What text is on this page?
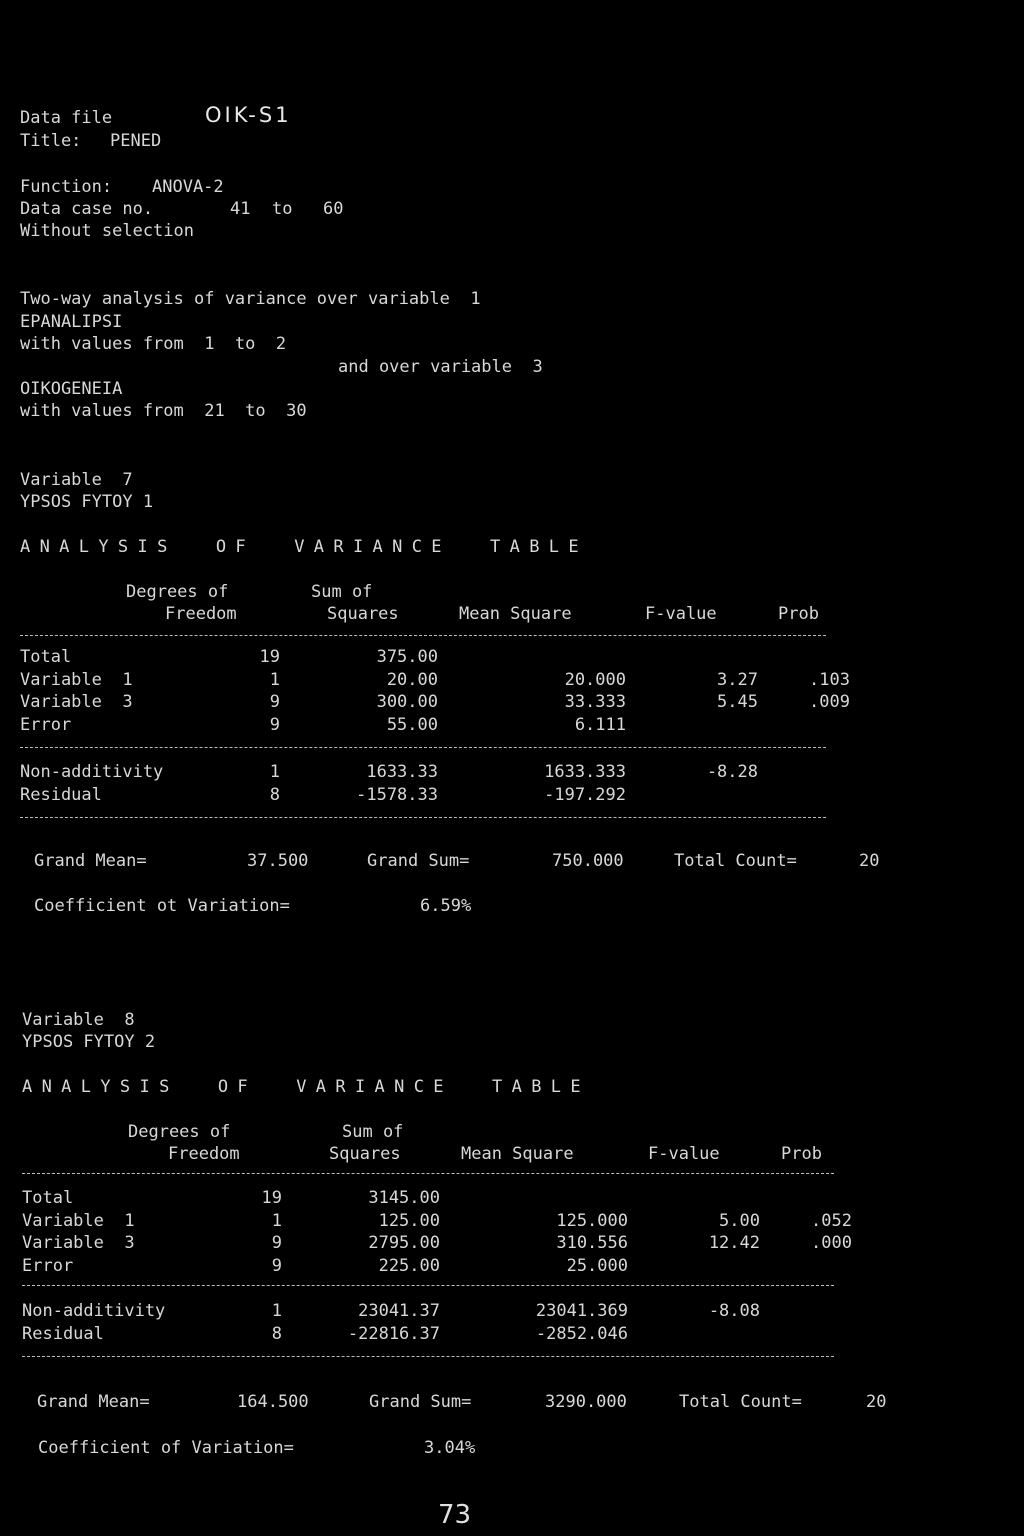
Data file	OIK-S1
Title: PENED
Function: ANOVA-2
Data case no.	41 to 60
Without selection
Two-way analysis of variance over variable  1
EPANALIPSI
with values from  1  to  2
and over variable  3
OIKOGENEIA
with values from  21  to  30
Variable  7
YPSOS FYTOY 1
ANALYSIS  OF  VARIANCE  TABLE
Degrees of	Sum of
Freedom	Squares	Mean Square	F-value	Prob
Total	19	375.00
Variable  1	1	20.00	20.000	3.27	.103
Variable  3	9	300.00	33.333	5.45	.009
Error	9	55.00	6.111
Non-additivity	1	1633.33	1633.333	-8.28
Residual	8	-1578.33	-197.292
Grand Mean=	37.500	Grand Sum=	750.000	Total Count=	20
Coefficient ot Variation=	6.59%
Variable  8
YPSOS FYTOY 2
ANALYSIS  OF  VARIANCE  TABLE
Degrees of	Sum of
Freedom	Squares	Mean Square	F-value	Prob
Total	19	3145.00
Variable  1	1	125.00	125.000	5.00	.052
Variable  3	9	2795.00	310.556	12.42	.000
Error	9	225.00	25.000
Non-additivity	1	23041.37	23041.369	-8.08
Residual	8	-22816.37	-2852.046
Grand Mean=	164.500	Grand Sum=	3290.000	Total Count=	20
Coefficient of Variation=	3.04%
73
